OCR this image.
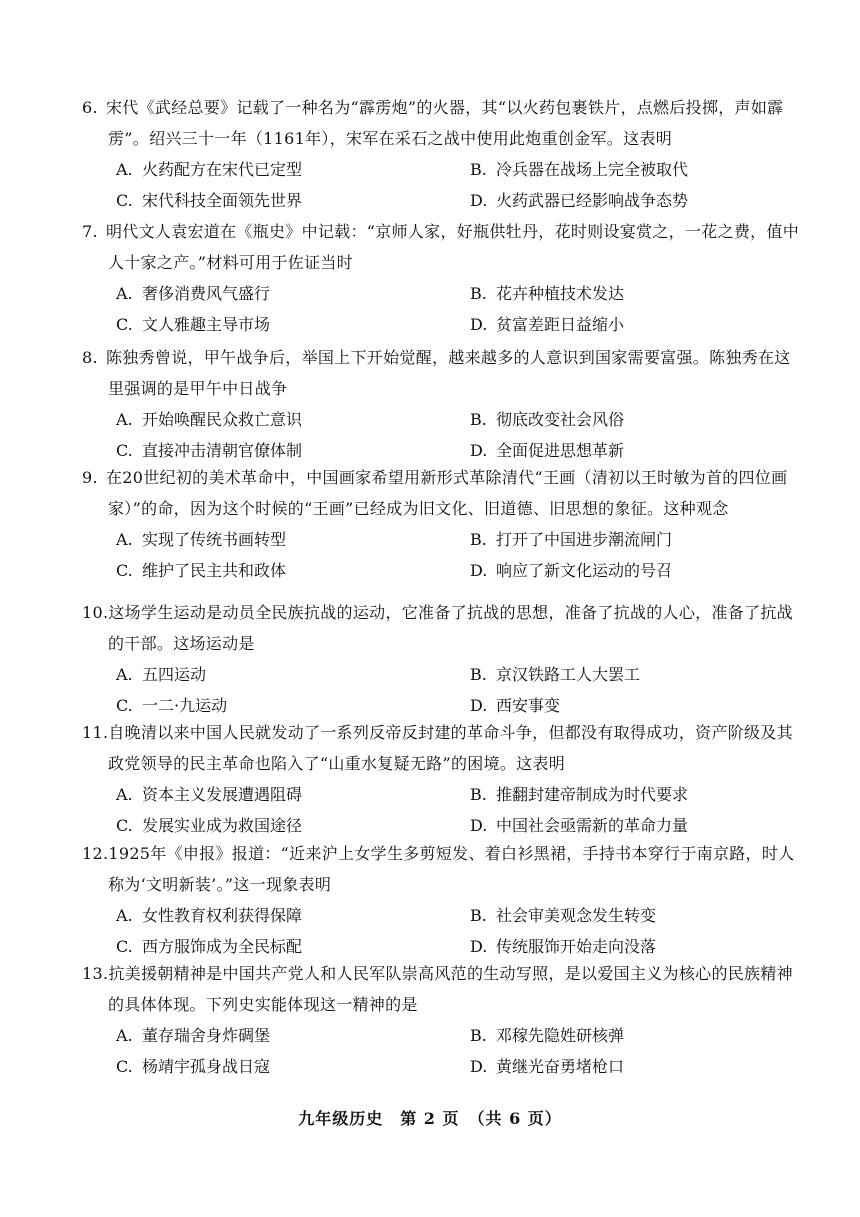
6. 宋代《武经总要》记载了一种名为“霹雳炮”的火器，其“以火药包裹铁片，点燃后投掷，声如霹雳”。绍兴三十一年（1161年），宋军在采石之战中使用此炮重创金军。这表明
A. 火药配方在宋代已定型	B. 冷兵器在战场上完全被取代
C. 宋代科技全面领先世界	D. 火药武器已经影响战争态势
7. 明代文人袁宏道在《瓶史》中记载：“京师人家，好瓶供牡丹，花时则设宴赏之，一花之费，值中人十家之产。”材料可用于佐证当时
A. 奢侈消费风气盛行	B. 花卉种植技术发达
C. 文人雅趣主导市场	D. 贫富差距日益缩小
8. 陈独秀曾说，甲午战争后，举国上下开始觉醒，越来越多的人意识到国家需要富强。陈独秀在这里强调的是甲午中日战争
A. 开始唤醒民众救亡意识	B. 彻底改变社会风俗
C. 直接冲击清朝官僚体制	D. 全面促进思想革新
9. 在20世纪初的美术革命中，中国画家希望用新形式革除清代“王画（清初以王时敏为首的四位画家）”的命，因为这个时候的“王画”已经成为旧文化、旧道德、旧思想的象征。这种观念
A. 实现了传统书画转型	B. 打开了中国进步潮流闸门
C. 维护了民主共和政体	D. 响应了新文化运动的号召
10.这场学生运动是动员全民族抗战的运动，它准备了抗战的思想，准备了抗战的人心，准备了抗战的干部。这场运动是
A. 五四运动	B. 京汉铁路工人大罢工
C. 一二·九运动	D. 西安事变
11.自晚清以来中国人民就发动了一系列反帝反封建的革命斗争，但都没有取得成功，资产阶级及其政党领导的民主革命也陷入了“山重水复疑无路”的困境。这表明
A. 资本主义发展遭遇阻碍	B. 推翻封建帝制成为时代要求
C. 发展实业成为救国途径	D. 中国社会亟需新的革命力量
12.1925年《申报》报道：“近来沪上女学生多剪短发、着白衫黑裙，手持书本穿行于南京路，时人称为‘文明新装’。”这一现象表明
A. 女性教育权利获得保障	B. 社会审美观念发生转变
C. 西方服饰成为全民标配	D. 传统服饰开始走向没落
13.抗美援朝精神是中国共产党人和人民军队崇高风范的生动写照，是以爱国主义为核心的民族精神的具体体现。下列史实能体现这一精神的是
A. 董存瑞舍身炸碉堡	B. 邓稼先隐姓研核弹
C. 杨靖宇孤身战日寇	D. 黄继光奋勇堵枪口
九年级历史　第 2 页　（共 6 页）
